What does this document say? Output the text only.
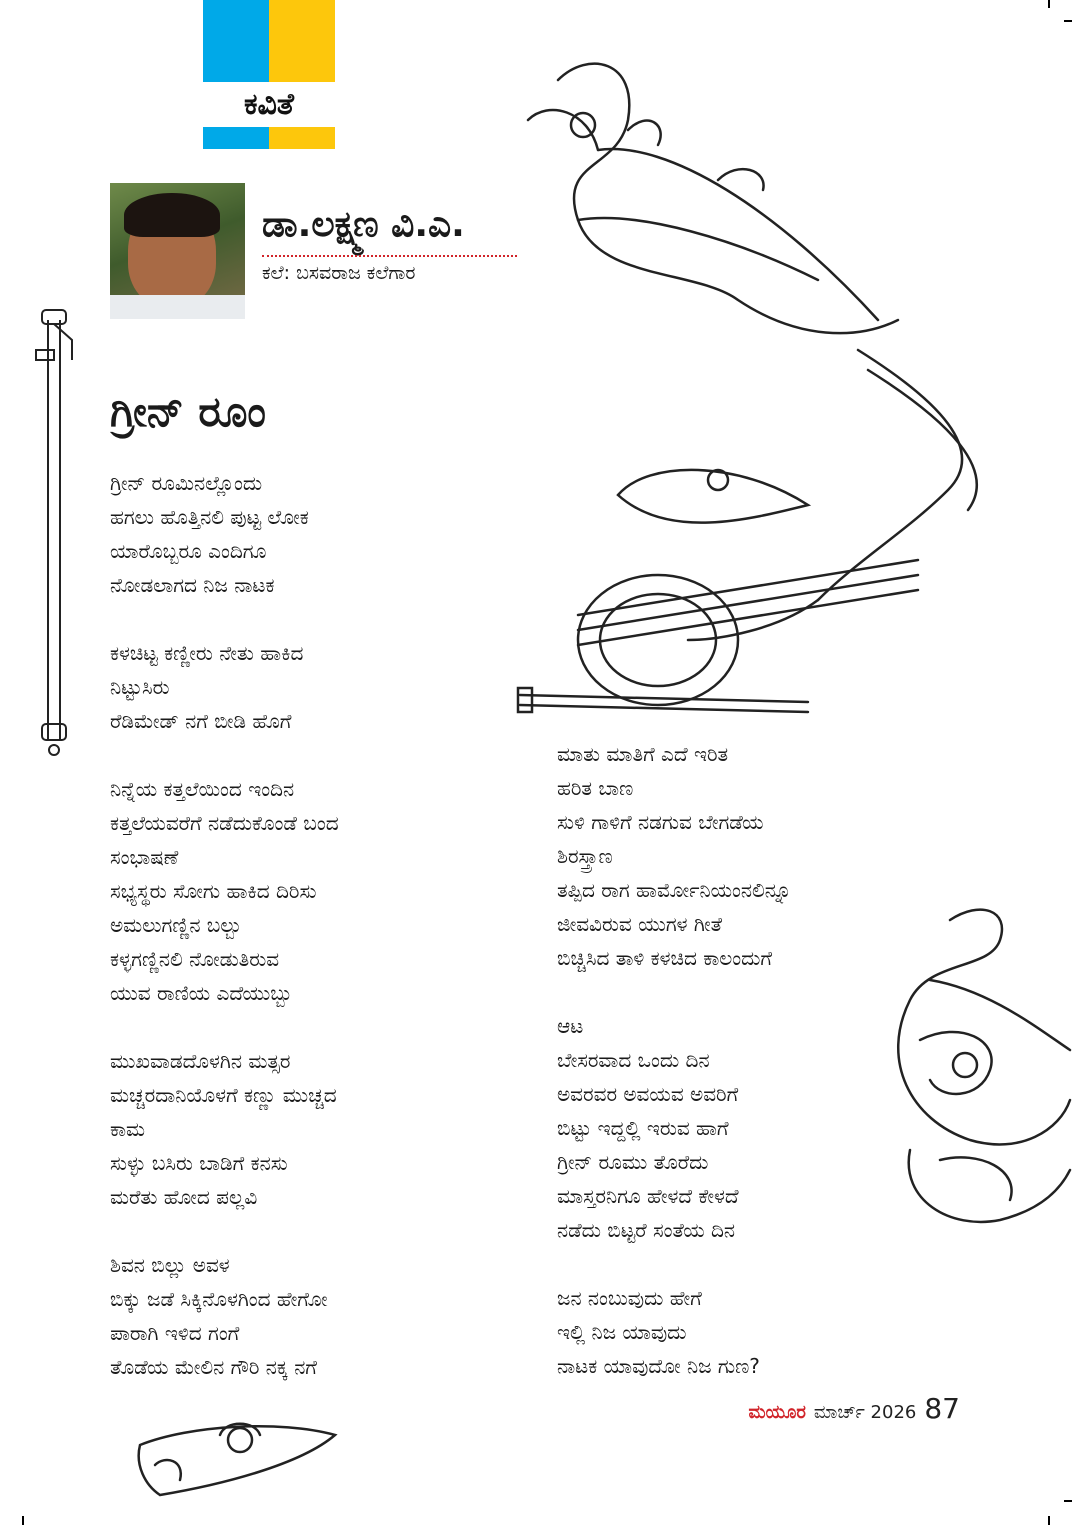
ಕವಿತೆ
ಡಾ.ಲಕ್ಷ್ಮಣ ವಿ.ಎ.
ಕಲೆ: ಬಸವರಾಜ ಕಲೆಗಾರ
ಗ್ರೀನ್ ರೂಂ
ಗ್ರೀನ್ ರೂಮಿನಲ್ಲೊಂದು
ಹಗಲು ಹೊತ್ತಿನಲಿ ಪುಟ್ಟ ಲೋಕ
ಯಾರೊಬ್ಬರೂ ಎಂದಿಗೂ
ನೋಡಲಾಗದ ನಿಜ ನಾಟಕ
ಕಳಚಿಟ್ಟ ಕಣ್ಣೀರು ನೇತು ಹಾಕಿದ
ನಿಟ್ಟುಸಿರು
ರೆಡಿಮೇಡ್ ನಗೆ ಬೀಡಿ ಹೊಗೆ
ನಿನ್ನೆಯ ಕತ್ತಲೆಯಿಂದ ಇಂದಿನ
ಕತ್ತಲೆಯವರೆಗೆ ನಡೆದುಕೊಂಡೆ ಬಂದ
ಸಂಭಾಷಣೆ
ಸಭ್ಯಸ್ಥರು ಸೋಗು ಹಾಕಿದ ದಿರಿಸು
ಅಮಲುಗಣ್ಣಿನ ಬಲ್ಬು
ಕಳ್ಳಗಣ್ಣಿನಲಿ ನೋಡುತಿರುವ
ಯುವ ರಾಣಿಯ ಎದೆಯುಬ್ಬು
ಮುಖವಾಡದೊಳಗಿನ ಮತ್ಸರ
ಮಚ್ಚರದಾನಿಯೊಳಗೆ ಕಣ್ಣು ಮುಚ್ಚದ
ಕಾಮ
ಸುಳ್ಳು ಬಸಿರು ಬಾಡಿಗೆ ಕನಸು
ಮರೆತು ಹೋದ ಪಲ್ಲವಿ
ಶಿವನ ಬಿಲ್ಲು ಅವಳ
ಬಿಕ್ಕು ಜಡೆ ಸಿಕ್ಕಿನೊಳಗಿಂದ ಹೇಗೋ
ಪಾರಾಗಿ ಇಳಿದ ಗಂಗೆ
ತೊಡೆಯ ಮೇಲಿನ ಗೌರಿ ನಕ್ಕ ನಗೆ
ಮಾತು ಮಾತಿಗೆ ಎದೆ ಇರಿತ
ಹರಿತ ಬಾಣ
ಸುಳಿ ಗಾಳಿಗೆ ನಡಗುವ ಬೇಗಡೆಯ
ಶಿರಸ್ತ್ರಾಣ
ತಪ್ಪಿದ ರಾಗ ಹಾರ್ಮೋನಿಯಂನಲಿನ್ನೂ
ಜೀವವಿರುವ ಯುಗಳ ಗೀತೆ
ಬಿಚ್ಚಿಸಿದ ತಾಳಿ ಕಳಚಿದ ಕಾಲಂದುಗೆ
ಆಟ
ಬೇಸರವಾದ ಒಂದು ದಿನ
ಅವರವರ ಅವಯವ ಅವರಿಗೆ
ಬಿಟ್ಟು ಇದ್ದಲ್ಲಿ ಇರುವ ಹಾಗೆ
ಗ್ರೀನ್ ರೂಮು ತೊರೆದು
ಮಾಸ್ತರನಿಗೂ ಹೇಳದೆ ಕೇಳದೆ
ನಡೆದು ಬಿಟ್ಟರೆ ಸಂತೆಯ ದಿನ
ಜನ ನಂಬುವುದು ಹೇಗೆ
ಇಲ್ಲಿ ನಿಜ ಯಾವುದು
ನಾಟಕ ಯಾವುದೋ ನಿಜ ಗುಣ?
ಮಯೂರ ಮಾರ್ಚ್ 2026 87
